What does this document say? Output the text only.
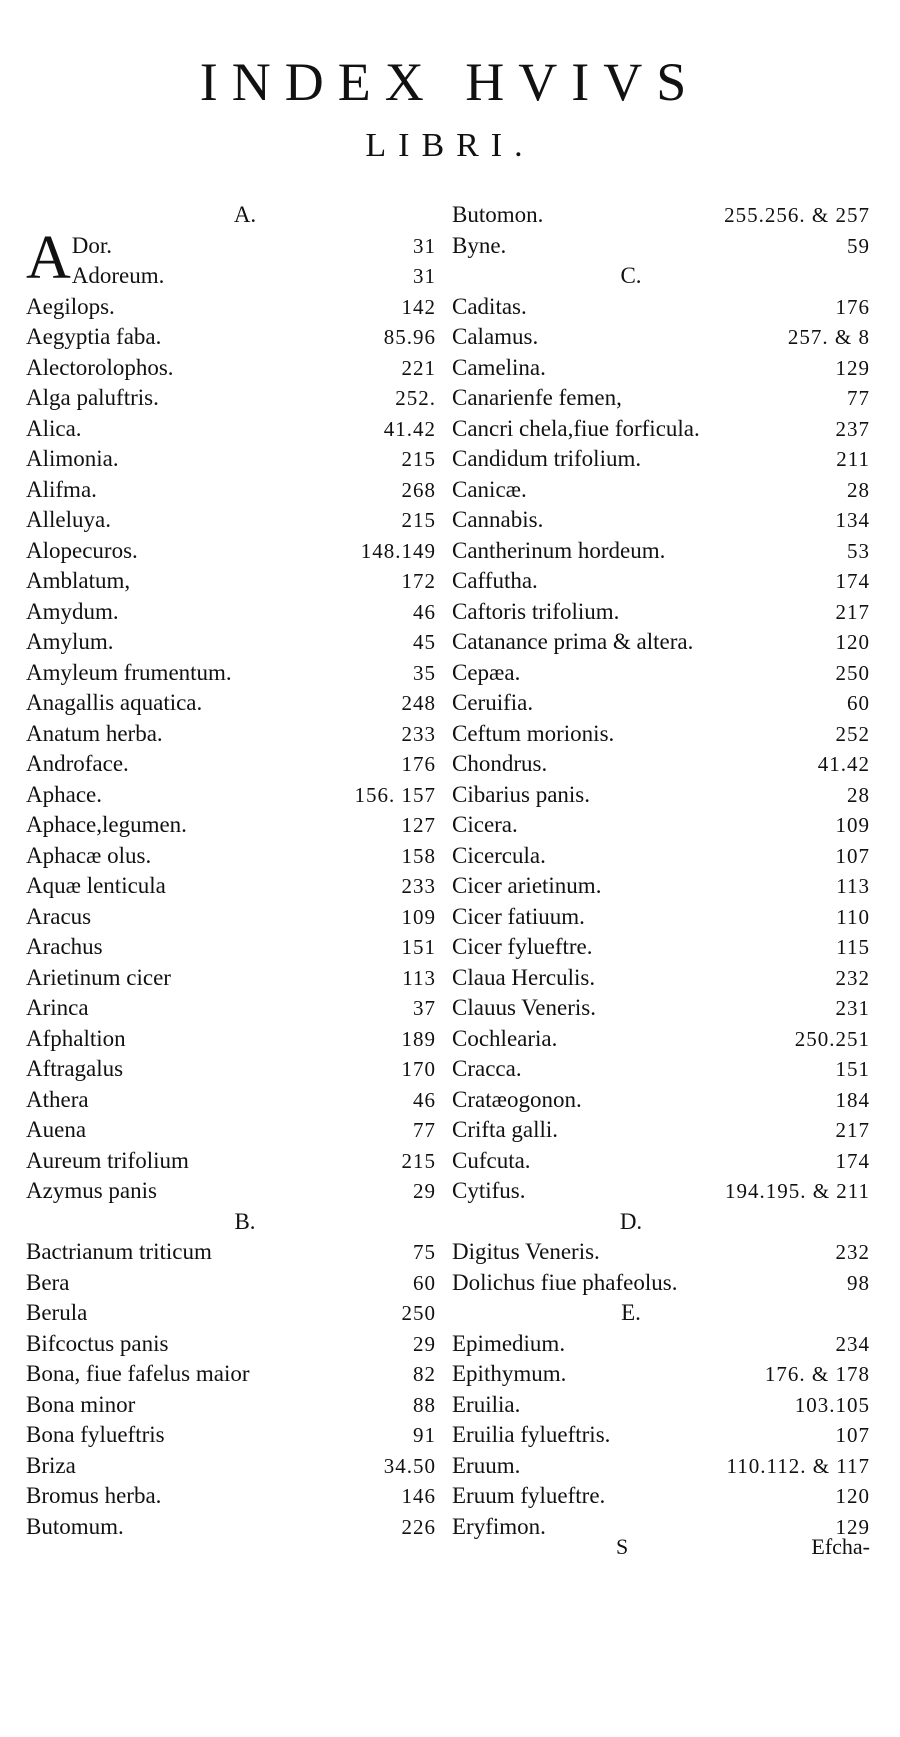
INDEX HVIVS
LIBRI.
A.
A Dor.	31
Adoreum.	31
Aegilops.	142
Aegyptia faba.	85.96
Alectorolophos.	221
Alga paluftris.	252.
Alica.	41.42
Alimonia.	215
Alifma.	268
Alleluya.	215
Alopecuros.	148.149
Amblatum,	172
Amydum.	46
Amylum.	45
Amyleum frumentum.	35
Anagallis aquatica.	248
Anatum herba.	233
Androface.	176
Aphace.	156. 157
Aphace,legumen.	127
Aphacæ olus.	158
Aquæ lenticula	233
Aracus	109
Arachus	151
Arietinum cicer	113
Arinca	37
Afphaltion	189
Aftragalus	170
Athera	46
Auena	77
Aureum trifolium	215
Azymus panis	29
B.
Bactrianum triticum	75
Bera	60
Berula	250
Bifcoctus panis	29
Bona, fiue fafelus maior	82
Bona minor	88
Bona fylueftris	91
Briza	34.50
Bromus herba.	146
Butomum.	226
Butomon.	255.256. & 257
Byne.	59
C.
Caditas.	176
Calamus.	257. & 8
Camelina.	129
Canarienfe femen,	77
Cancri chela,fiue forficula.	237
Candidum trifolium.	211
Canicæ.	28
Cannabis.	134
Cantherinum hordeum.	53
Caffutha.	174
Caftoris trifolium.	217
Catanance prima & altera.	120
Cepæa.	250
Ceruifia.	60
Ceftum morionis.	252
Chondrus.	41.42
Cibarius panis.	28
Cicera.	109
Cicercula.	107
Cicer arietinum.	113
Cicer fatiuum.	110
Cicer fylueftre.	115
Claua Herculis.	232
Clauus Veneris.	231
Cochlearia.	250.251
Cracca.	151
Cratæogonon.	184
Crifta galli.	217
Cufcuta.	174
Cytifus.	194.195. & 211
D.
Digitus Veneris.	232
Dolichus fiue phafeolus.	98
E.
Epimedium.	234
Epithymum.	176. & 178
Eruilia.	103.105
Eruilia fylueftris.	107
Eruum.	110.112. & 117
Eruum fylueftre.	120
Eryfimon.	129
S	Efcha-
